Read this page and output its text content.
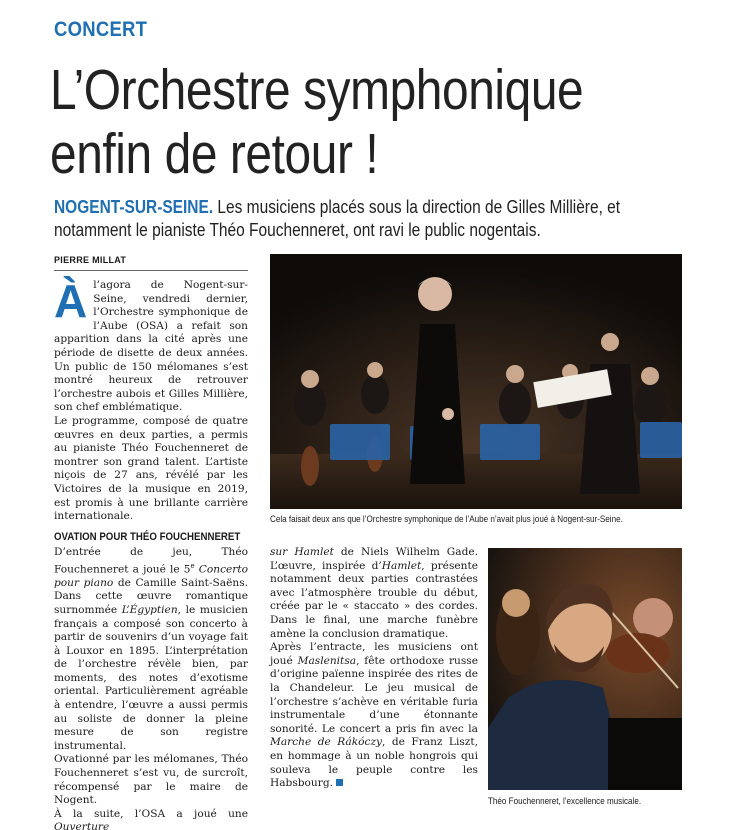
CONCERT
L’Orchestre symphonique
enfin de retour !

NOGENT-SUR-SEINE. Les musiciens placés sous la direction de Gilles Millière, et notamment le pianiste Théo Fouchenneret, ont ravi le public nogentais.

PIERRE MILLAT

À l’agora de Nogent-sur-Seine, vendredi dernier, l’Orchestre symphonique de l’Aube (OSA) a refait son apparition dans la cité après une période de disette de deux années. Un public de 150 mélomanes s’est montré heureux de retrouver l’orchestre aubois et Gilles Millière, son chef emblématique.

Le programme, composé de quatre œuvres en deux parties, a permis au pianiste Théo Fouchenneret de montrer son grand talent. L’artiste niçois de 27 ans, révélé par les Victoires de la musique en 2019, est promis à une brillante carrière internationale.

OVATION POUR THÉO FOUCHENNERET

D’entrée de jeu, Théo Fouchenneret a joué le 5e Concerto pour piano de Camille Saint-Saëns. Dans cette œuvre romantique surnommée L’Égyptien, le musicien français a composé son concerto à partir de souvenirs d’un voyage fait à Louxor en 1895. L’interprétation de l’orchestre révèle bien, par moments, des notes d’exotisme oriental. Particulièrement agréable à entendre, l’œuvre a aussi permis au soliste de donner la pleine mesure de son registre instrumental.

Ovationné par les mélomanes, Théo Fouchenneret s’est vu, de surcroît, récompensé par le maire de Nogent.

À la suite, l’OSA a joué une Ouverture

sur Hamlet de Niels Wilhelm Gade. L’œuvre, inspirée d’Hamlet, présente notamment deux parties contrastées avec l’atmosphère trouble du début, créée par le « staccato » des cordes. Dans le final, une marche funèbre amène la conclusion dramatique.

Après l’entracte, les musiciens ont joué Maslenitsa, fête orthodoxe russe d’origine païenne inspirée des rites de la Chandeleur. Le jeu musical de l’orchestre s’achève en véritable furia instrumentale d’une étonnante sonorité. Le concert a pris fin avec la Marche de Rákóczy, de Franz Liszt, en hommage à un noble hongrois qui souleva le peuple contre les Habsbourg.

Cela faisait deux ans que l’Orchestre symphonique de l’Aube n’avait plus joué à Nogent-sur-Seine.
Théo Fouchenneret, l’excellence musicale.
